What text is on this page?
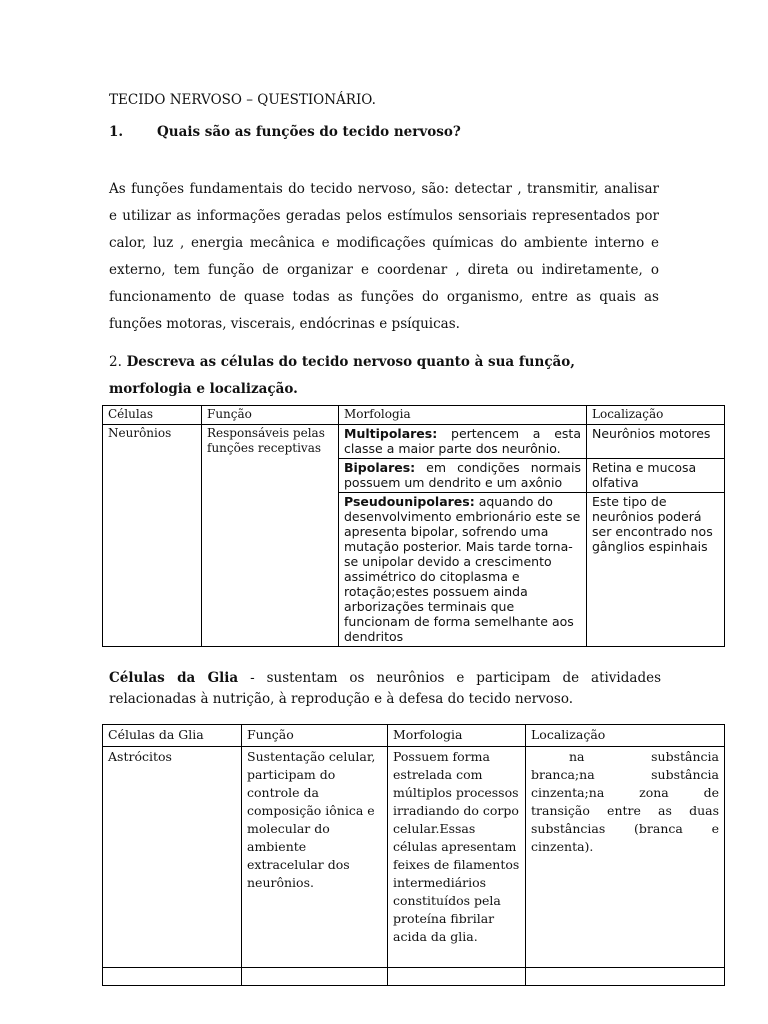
TECIDO NERVOSO – QUESTIONÁRIO.
1.	Quais são as funções do tecido nervoso?
As funções fundamentais do tecido nervoso, são: detectar , transmitir, analisar e utilizar as informações geradas pelos estímulos sensoriais representados por calor, luz , energia mecânica e modificações químicas do ambiente interno e externo, tem função de organizar e coordenar , direta ou indiretamente, o funcionamento de quase todas as funções do organismo, entre as quais as funções motoras, viscerais, endócrinas e psíquicas.
2. Descreva as células do tecido nervoso quanto à sua função, morfologia e localização.
Células	Função	Morfologia	Localização
Neurônios	Responsáveis pelas funções receptivas	Multipolares: pertencem a esta classe a maior parte dos neurônio.	Neurônios motores
		Bipolares: em condições normais possuem um dendrito e um axônio	Retina e mucosa olfativa
		Pseudounipolares: aquando do desenvolvimento embrionário este se apresenta bipolar, sofrendo uma mutação posterior. Mais tarde torna-se unipolar devido a crescimento assimétrico do citoplasma e rotação;estes possuem ainda arborizações terminais que funcionam de forma semelhante aos dendritos	Este tipo de neurônios poderá ser encontrado nos gânglios espinhais
Células da Glia - sustentam os neurônios e participam de atividades relacionadas à nutrição, à reprodução e à defesa do tecido nervoso.
Células da Glia	Função	Morfologia	Localização
Astrócitos	Sustentação celular, participam do controle da composição iônica e molecular do ambiente extracelular dos neurônios.	Possuem forma estrelada com múltiplos processos irradiando do corpo celular.Essas células apresentam feixes de filamentos intermediários constituídos pela proteína fibrilar acida da glia.	na substância branca;na substância cinzenta;na zona de transição entre as duas substâncias (branca e cinzenta).
